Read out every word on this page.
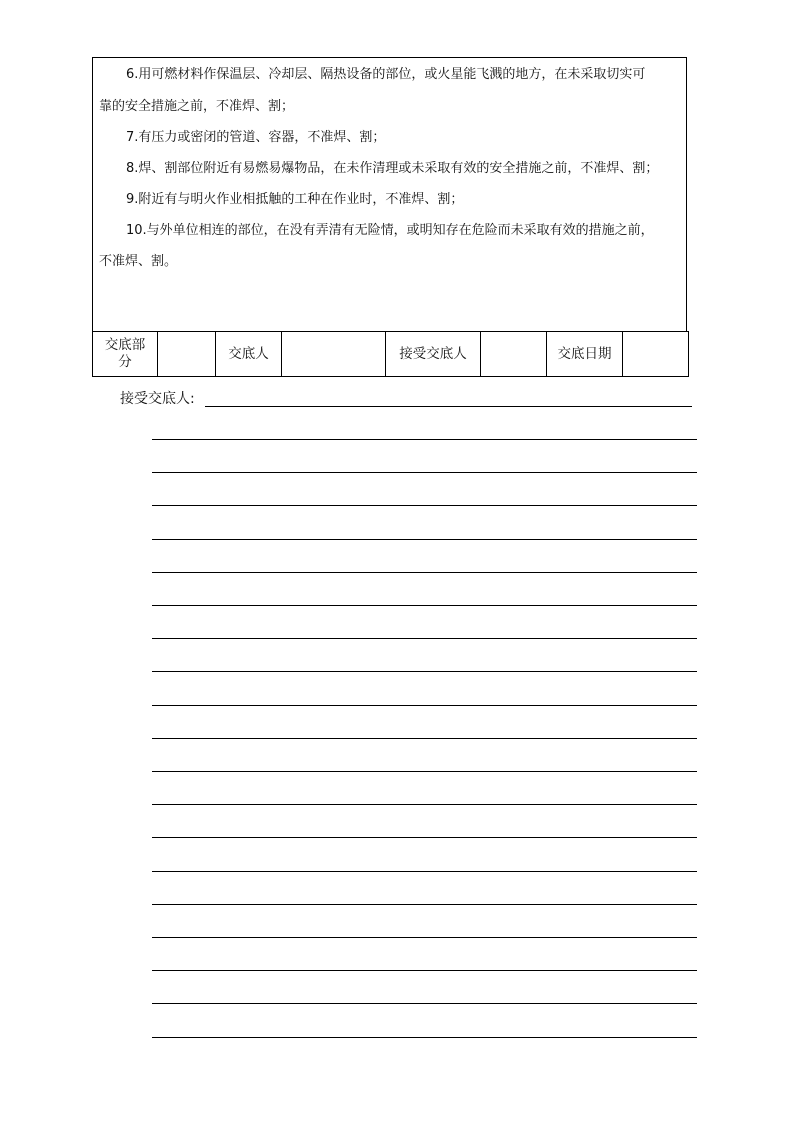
6.用可燃材料作保温层、冷却层、隔热设备的部位，或火星能飞溅的地方，在未采取切实可
靠的安全措施之前，不准焊、割；
7.有压力或密闭的管道、容器，不准焊、割；
8.焊、割部位附近有易燃易爆物品，在未作清理或未采取有效的安全措施之前，不准焊、割；
9.附近有与明火作业相抵触的工种在作业时，不准焊、割；
10.与外单位相连的部位，在没有弄清有无险情，或明知存在危险而未采取有效的措施之前，
不准焊、割。
交底部
分		交底人		接受交底人		交底日期	
接受交底人:
